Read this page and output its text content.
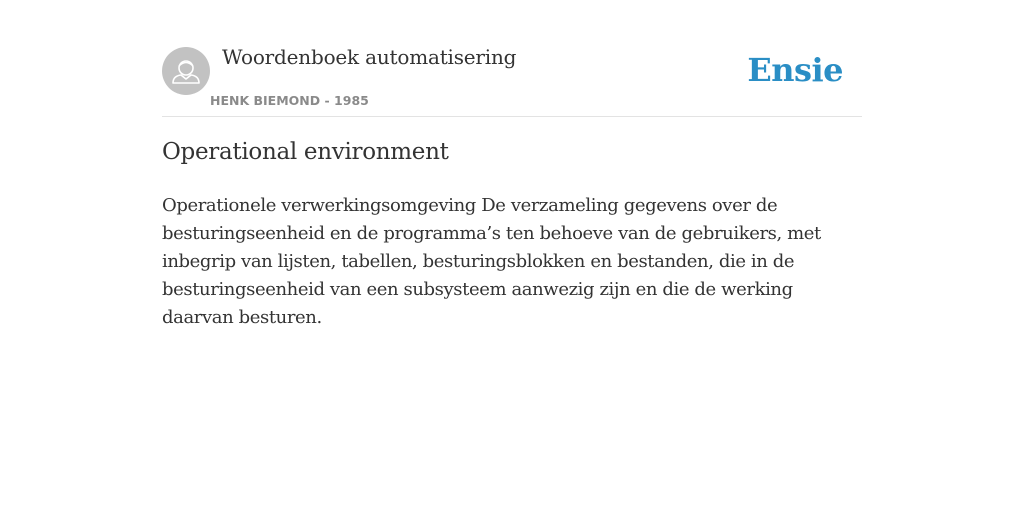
Woordenboek automatisering
HENK BIEMOND - 1985
Ensie
Operational environment

Operationele verwerkingsomgeving De verzameling gegevens over de besturingseenheid en de programma’s ten behoeve van de gebruikers, met inbegrip van lijsten, tabellen, besturingsblokken en bestanden, die in de besturingseenheid van een subsysteem aanwezig zijn en die de werking daarvan besturen.
